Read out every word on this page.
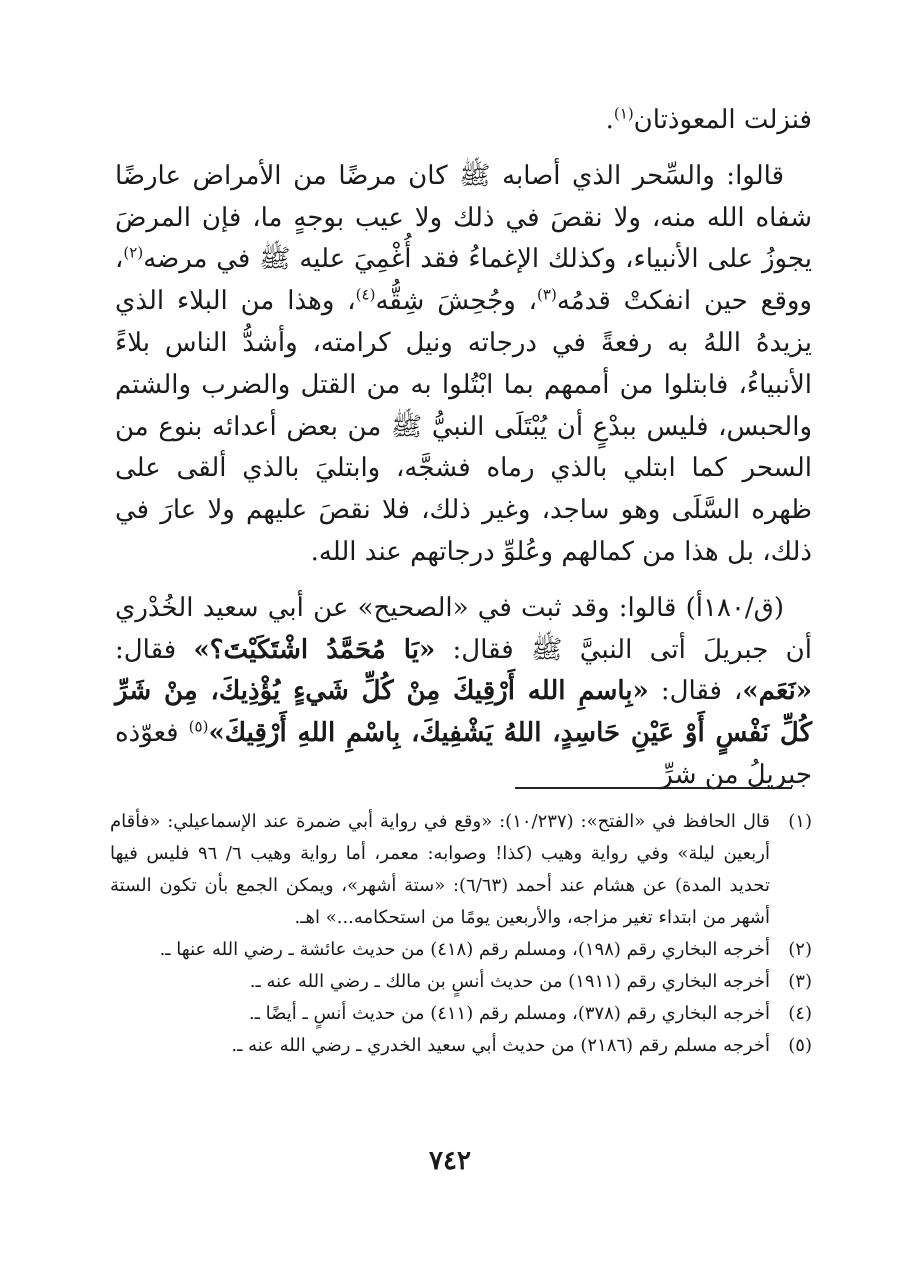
فنزلت المعوذتان$^{(١)}$.

قالوا: والسِّحر الذي أصابه ﷺ كان مرضًا من الأمراض عارضًا شفاه الله منه، ولا نقصَ في ذلك ولا عيب بوجهٍ ما، فإن المرضَ يجوزُ على الأنبياء، وكذلك الإغماءُ فقد أُغْمِيَ عليه ﷺ في مرضه$^{(٢)}$، ووقع حين انفكتْ قدمُه$^{(٣)}$، وجُحِشَ شِقُّه$^{(٤)}$، وهذا من البلاء الذي يزيدهُ اللهُ به رفعةً في درجاته ونيل كرامته، وأشدُّ الناس بلاءً الأنبياءُ، فابتلوا من أممهم بما ابْتُلوا به من القتل والضرب والشتم والحبس، فليس ببدْعٍ أن يُبْتَلَى النبيُّ ﷺ من بعض أعدائه بنوع من السحر كما ابتلي بالذي رماه فشجَّه، وابتليَ بالذي ألقى على ظهره السَّلَى وهو ساجد، وغير ذلك، فلا نقصَ عليهم ولا عارَ في ذلك، بل هذا من كمالهم وعُلوِّ درجاتهم عند الله.

(ق/١٨٠أ) قالوا: وقد ثبت في «الصحيح» عن أبي سعيد الخُدْري أن جبريلَ أتى النبيَّ ﷺ فقال: «يَا مُحَمَّدُ اشْتَكَيْتَ؟» فقال: «نَعَم»، فقال: «بِاسمِ الله أَرْقِيكَ مِنْ كُلِّ شَيءٍ يُؤْذِيكَ، مِنْ شَرِّ كُلِّ نَفْسٍ أَوْ عَيْنِ حَاسِدٍ، اللهُ يَشْفِيكَ، بِاسْمِ اللهِ أَرْقِيكَ»$^{(٥)}$ فعوّذه جبريلُ من شرِّ

(١)
قال الحافظ في «الفتح»: (١٠/٢٣٧): «وقع في رواية أبي ضمرة عند الإسماعيلي: «فأقام أربعين ليلة» وفي رواية وهيب (كذا! وصوابه: معمر، أما رواية وهيب ٦/ ٩٦ فليس فيها تحديد المدة) عن هشام عند أحمد (٦/٦٣): «ستة أشهر»، ويمكن الجمع بأن تكون الستة أشهر من ابتداء تغير مزاجه، والأربعين يومًا من استحكامه...» اهـ.
(٢)
أخرجه البخاري رقم (١٩٨)، ومسلم رقم (٤١٨) من حديث عائشة ـ رضي الله عنها ـ.
(٣)
أخرجه البخاري رقم (١٩١١) من حديث أنسٍ بن مالك ـ رضي الله عنه ـ.
(٤)
أخرجه البخاري رقم (٣٧٨)، ومسلم رقم (٤١١) من حديث أنسٍ ـ أيضًا ـ.
(٥)
أخرجه مسلم رقم (٢١٨٦) من حديث أبي سعيد الخدري ـ رضي الله عنه ـ.
٧٤٢
